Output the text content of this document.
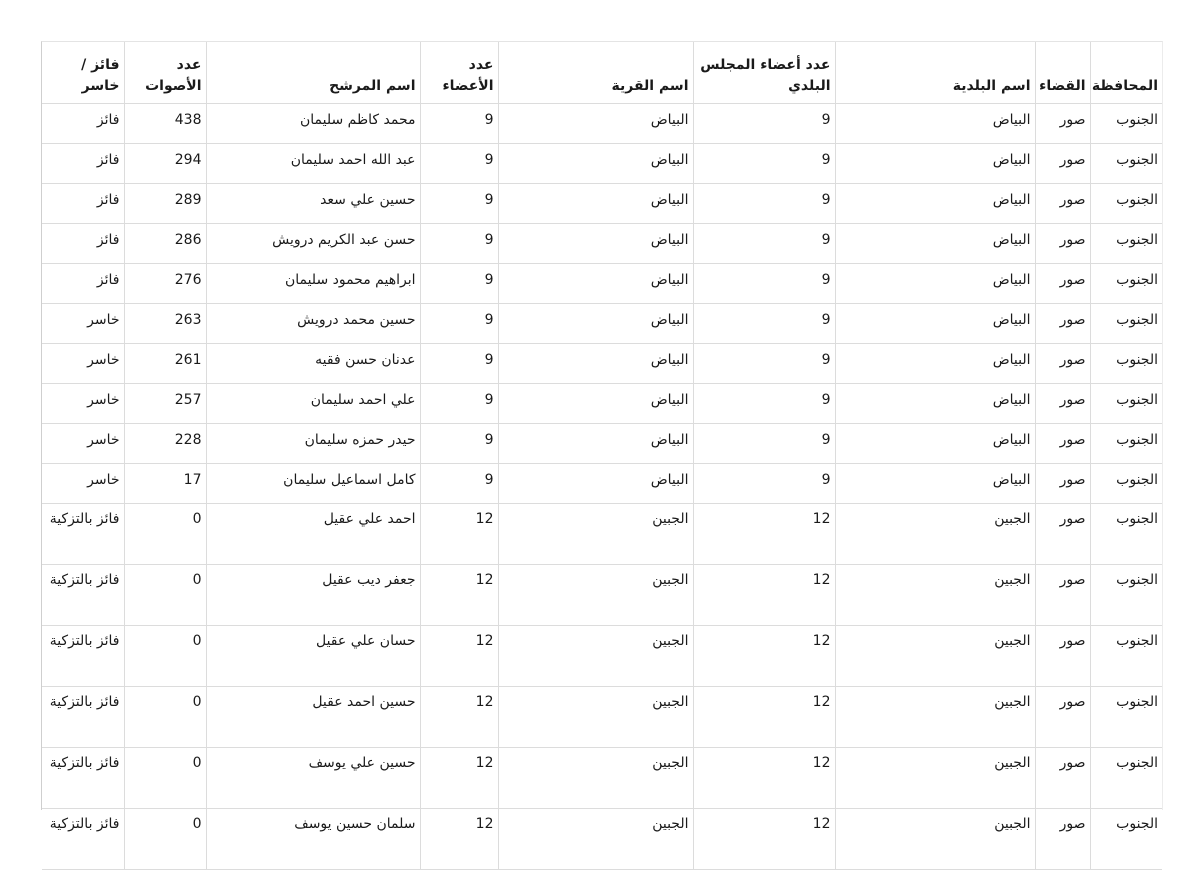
المحافظة	القضاء	اسم البلدية	عدد أعضاء المجلس البلدي	اسم القرية	عدد الأعضاء	اسم المرشح	عدد الأصوات	فائز / خاسر
الجنوب	صور	البياض	9	البياض	9	محمد كاظم سليمان	438	فائز
الجنوب	صور	البياض	9	البياض	9	عبد الله احمد سليمان	294	فائز
الجنوب	صور	البياض	9	البياض	9	حسين علي سعد	289	فائز
الجنوب	صور	البياض	9	البياض	9	حسن عبد الكريم درويش	286	فائز
الجنوب	صور	البياض	9	البياض	9	ابراهيم محمود سليمان	276	فائز
الجنوب	صور	البياض	9	البياض	9	حسين محمد درويش	263	خاسر
الجنوب	صور	البياض	9	البياض	9	عدنان حسن فقيه	261	خاسر
الجنوب	صور	البياض	9	البياض	9	علي احمد سليمان	257	خاسر
الجنوب	صور	البياض	9	البياض	9	حيدر حمزه سليمان	228	خاسر
الجنوب	صور	البياض	9	البياض	9	كامل اسماعيل سليمان	17	خاسر
الجنوب	صور	الجبين	12	الجبين	12	احمد علي عقيل	0	فائز بالتزكية
الجنوب	صور	الجبين	12	الجبين	12	جعفر ديب عقيل	0	فائز بالتزكية
الجنوب	صور	الجبين	12	الجبين	12	حسان علي عقيل	0	فائز بالتزكية
الجنوب	صور	الجبين	12	الجبين	12	حسين احمد عقيل	0	فائز بالتزكية
الجنوب	صور	الجبين	12	الجبين	12	حسين علي يوسف	0	فائز بالتزكية
الجنوب	صور	الجبين	12	الجبين	12	سلمان حسين يوسف	0	فائز بالتزكية
